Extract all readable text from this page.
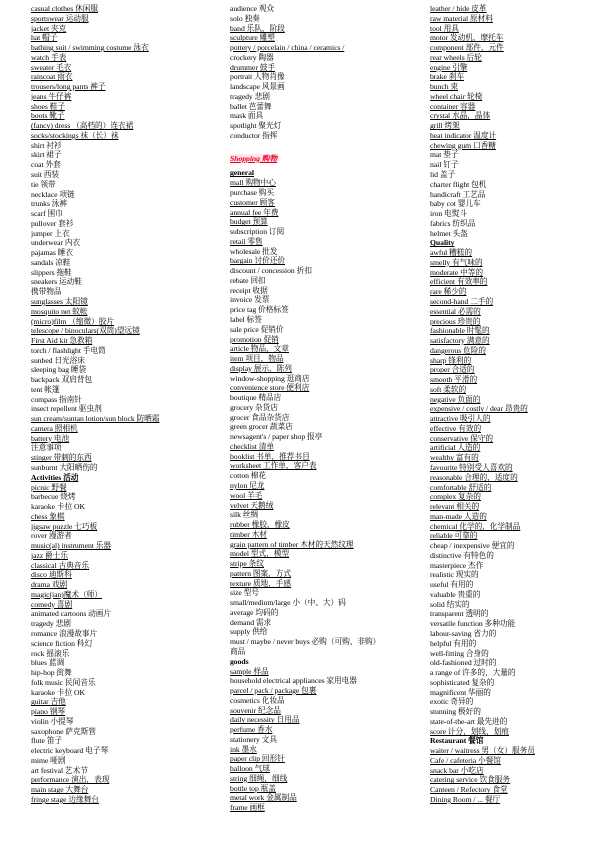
casual clothes 休闲服
sportswear 运动服
jacket 夹克
hat 帽子
bathing suit / swimming costume 泳衣
watch 手表
sweater 毛衣
raincoat 雨衣
trousers/long pants 裤子
jeans 牛仔裤
shoes 鞋子
boots 靴子
(fancy) dress （高档的）连衣裙
socks/stockings 袜（长）袜
shirt 衬衫
skirt 裙子
coat 外套
suit 西装
tie 领带
necklace 项链
trunks 泳裤
scarf 围巾
pullover 套衫
jumper 上衣
underwear 内衣
pajamas 睡衣
sandals 凉鞋
slippers 拖鞋
sneakers 运动鞋
携带物品
sunglasses 太阳镜
mosquito net 蚊帐
(micro)film （缩微）胶片
telescope / binoculars(双筒)望远镜
First Aid kit 急救箱
torch / flashlight 手电筒
sunbed 日光浴床
sleeping bag 睡袋
backpack 双肩背包
tent 帐篷
compass 指南针
insect repellent 驱虫剂
sun cream/suntan lotion/sun block 防晒霜
camera 照相机
battery 电池
注意事项
stinger 带刺的东西
sunburnt 大阳晒伤的
Activities 活动
picnic 野餐
barbecue 烧烤
karaoke 卡拉 OK
chess 象棋
jigsaw puzzle 七巧板
rover 漫游者
music(al) instrument 乐器
jazz 爵士乐
classical 古典音乐
disco 迪斯科
drama 戏剧
magic(ian)魔术（师）
comedy 喜剧
animated cartoons 动画片
tragedy 悲剧
romance 浪漫故事片
science fiction 科幻
rock 摇滚乐
blues 蓝调
hip-hop 街舞
folk music 民间音乐
karaoke 卡拉 OK
guitar 吉他
piano 钢琴
violin 小提琴
saxophone 萨克斯管
flute 笛子
electric keyboard 电子琴
mime 哑剧
art festival 艺术节
performance 演出，表现
main stage 大舞台
fringe stage 边缘舞台
audience 观众
solo 独奏
band 乐队，阶段
sculpture 雕塑
pottery / porcelain / china / ceramics /
crockery 陶器
drummer 鼓手
portrait 人物肖像
landscape 风景画
tragedy 悲剧
ballet 芭蕾舞
mask 面具
spotlight 聚光灯
conductor 指挥
Shopping 购物

general
mall 购物中心
purchase 购买
customer 顾客
annual fee 年费
budget 预算
subscription 订阅
retail 零售
wholesale 批发
bargain 讨价还价
discount / concession 折扣
rebate 回扣
receipt 收据
invoice 发票
price tag 价格标签
label 标签
sale price 促销价
promotion 促销
article 物品，文章
item 项目，物品
display 展示，陈列
window-shopping 逛商店
convenience store 便利店
boutique 精品店
grocery 杂货店
grocer 食品杂货店
green grocer 蔬菜店
newsagent's / paper shop 报亭
checklist 清单
booklist 书单，推荐书目
worksheet 工作单，客户表
cotton 棉花
nylon 尼龙
wool 羊毛
velvet 天鹅绒
silk 丝绸
rubber 橡胶，橡皮
timber 木材
grain pattern of timber 木材的天然纹理
model 型式，模型
stripe 条纹
pattern 图案，方式
texture 质地，手感
size 型号
small/medium/large 小（中、大）码
average 均码的
demand 需求
supply 供给
must / maybe / never buys 必购（可购、非购）
商品
goods
sample 样品
household electrical appliances 家用电器
parcel / pack / package 包裹
cosmetics 化妆品
souvenir 纪念品
daily necessity 日用品
perfume 香水
stationery 文具
ink 墨水
paper clip 回形针
balloon 气球
string 细绳，细线
bottle top 瓶盖
metal work 金属制品
frame 画框
leather / hide 皮革
raw material 原材料
tool 用具
motor 发动机，摩托车
component 部件，元件
rear wheels 后轮
engine 引擎
brake 刹车
bunch 束
wheel chair 轮椅
container 容器
crystal 水晶，晶体
grill 烤架
heat indicator 温度计
chewing gum 口香糖
mat 垫子
nail 钉子
lid 盖子
charter flight 包机
handicraft 工艺品
baby cot 婴儿车
iron 电熨斗
fabrics 纺织品
helmet 头盔
Quality
awful 糟糕的
smelly 有气味的
moderate 中等的
efficient 有效率的
rare 稀少的
second-hand 二手的
essential 必需的
precious 珍贵的
fashionable 时髦的
satisfactory 满意的
dangerous 危险的
sharp 锋利的
proper 合适的
smooth 平滑的
soft 柔软的
negative 负面的
expensive / costly / dear 昂贵的
attractive 吸引人的
effective 有效的
conservative 保守的
artificial 人造的
wealthy 富有的
favourite 特别受人喜欢的
reasonable 合理的，适度的
comfortable 舒适的
complex 复杂的
relevant 相关的
man-made 人造的
chemical 化学的，化学制品
reliable 可靠的
cheap / inexpensive 便宜的
distinctive 有特色的
masterpiece 杰作
realistic 现实的
useful 有用的
valuable 贵重的
solid 结实的
transparent 透明的
versatile function 多种功能
labour-saving 省力的
helpful 有用的
well-fitting 合身的
old-fashioned 过时的
a range of 许多的，大量的
sophisticated 复杂的
magnificent 华丽的
exotic 奇异的
stunning 极好的
state-of-the-art 最先进的
score 计分，划线，划痕
Restaurant 餐馆
waiter / waitress 男（女）服务员
Cafe / cafeteria 小餐馆
snack bar 小吃店
catering service 饮食服务
Canteen / Refectory 食堂
Dining Room / ... 餐厅
